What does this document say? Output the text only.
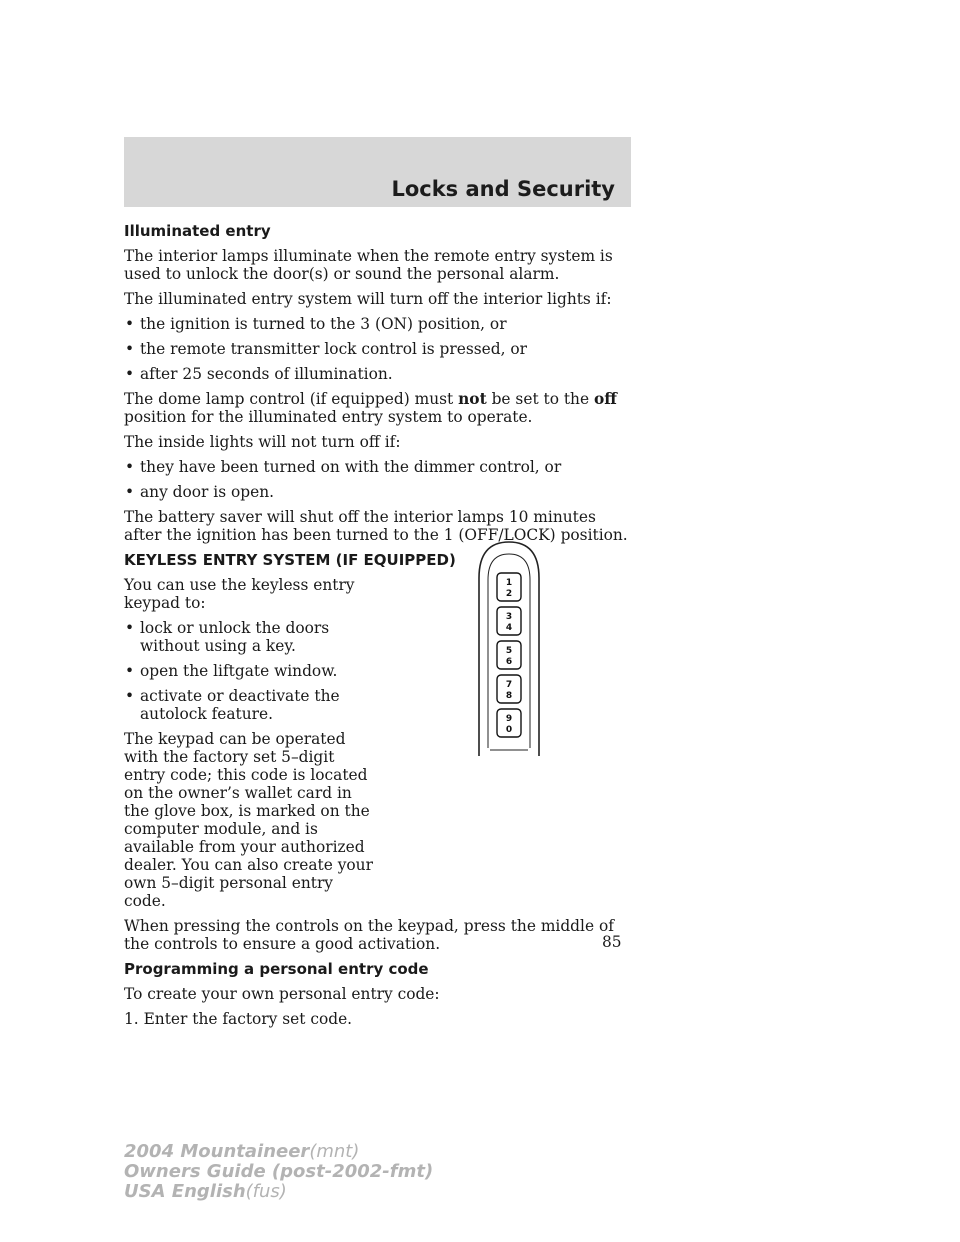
Locks and Security
Illuminated entry

The interior lamps illuminate when the remote entry system is used to unlock the door(s) or sound the personal alarm.

The illuminated entry system will turn off the interior lights if:

• the ignition is turned to the 3 (ON) position, or
• the remote transmitter lock control is pressed, or
• after 25 seconds of illumination.

The dome lamp control (if equipped) must not be set to the off position for the illuminated entry system to operate.

The inside lights will not turn off if:

• they have been turned on with the dimmer control, or
• any door is open.

The battery saver will shut off the interior lamps 10 minutes after the ignition has been turned to the 1 (OFF/LOCK) position.

KEYLESS ENTRY SYSTEM (IF EQUIPPED)

You can use the keyless entry keypad to:

• lock or unlock the doors without using a key.
• open the liftgate window.
• activate or deactivate the autolock feature.

The keypad can be operated with the factory set 5–digit entry code; this code is located on the owner’s wallet card in the glove box, is marked on the computer module, and is available from your authorized dealer. You can also create your own 5–digit personal entry code.

When pressing the controls on the keypad, press the middle of the controls to ensure a good activation.

Programming a personal entry code

To create your own personal entry code:

1. Enter the factory set code.

1
2
3
4
5
6
7
8
9
0
85
2004 Mountaineer(mnt)
Owners Guide (post-2002-fmt)
USA English(fus)
